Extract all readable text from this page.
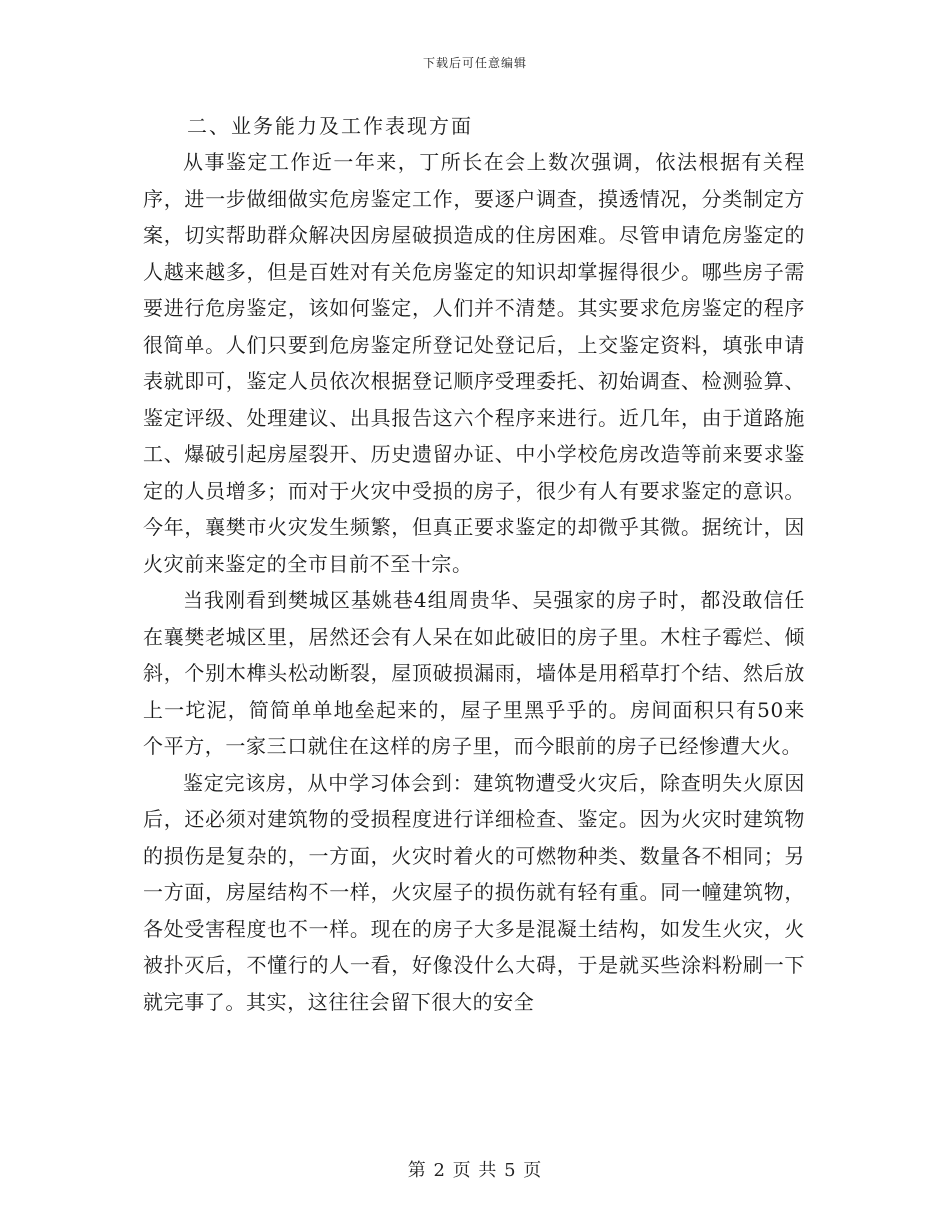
下载后可任意编辑
二、业务能力及工作表现方面

从事鉴定工作近一年来，丁所长在会上数次强调，依法根据有关程序，进一步做细做实危房鉴定工作，要逐户调查，摸透情况，分类制定方案，切实帮助群众解决因房屋破损造成的住房困难。尽管申请危房鉴定的人越来越多，但是百姓对有关危房鉴定的知识却掌握得很少。哪些房子需要进行危房鉴定，该如何鉴定，人们并不清楚。其实要求危房鉴定的程序很简单。人们只要到危房鉴定所登记处登记后，上交鉴定资料，填张申请表就即可，鉴定人员依次根据登记顺序受理委托、初始调查、检测验算、鉴定评级、处理建议、出具报告这六个程序来进行。近几年，由于道路施工、爆破引起房屋裂开、历史遗留办证、中小学校危房改造等前来要求鉴定的人员增多；而对于火灾中受损的房子，很少有人有要求鉴定的意识。今年，襄樊市火灾发生频繁，但真正要求鉴定的却微乎其微。据统计，因火灾前来鉴定的全市目前不至十宗。

当我刚看到樊城区基姚巷4组周贵华、吴强家的房子时，都没敢信任在襄樊老城区里，居然还会有人呆在如此破旧的房子里。木柱子霉烂、倾斜，个别木榫头松动断裂，屋顶破损漏雨，墙体是用稻草打个结、然后放上一坨泥，简简单单地垒起来的，屋子里黑乎乎的。房间面积只有50来个平方，一家三口就住在这样的房子里，而今眼前的房子已经惨遭大火。

鉴定完该房，从中学习体会到：建筑物遭受火灾后，除查明失火原因后，还必须对建筑物的受损程度进行详细检查、鉴定。因为火灾时建筑物的损伤是复杂的，一方面，火灾时着火的可燃物种类、数量各不相同；另一方面，房屋结构不一样，火灾屋子的损伤就有轻有重。同一幢建筑物，各处受害程度也不一样。现在的房子大多是混凝土结构，如发生火灾，火被扑灭后，不懂行的人一看，好像没什么大碍，于是就买些涂料粉刷一下就完事了。其实，这往往会留下很大的安全

第 2 页 共 5 页
